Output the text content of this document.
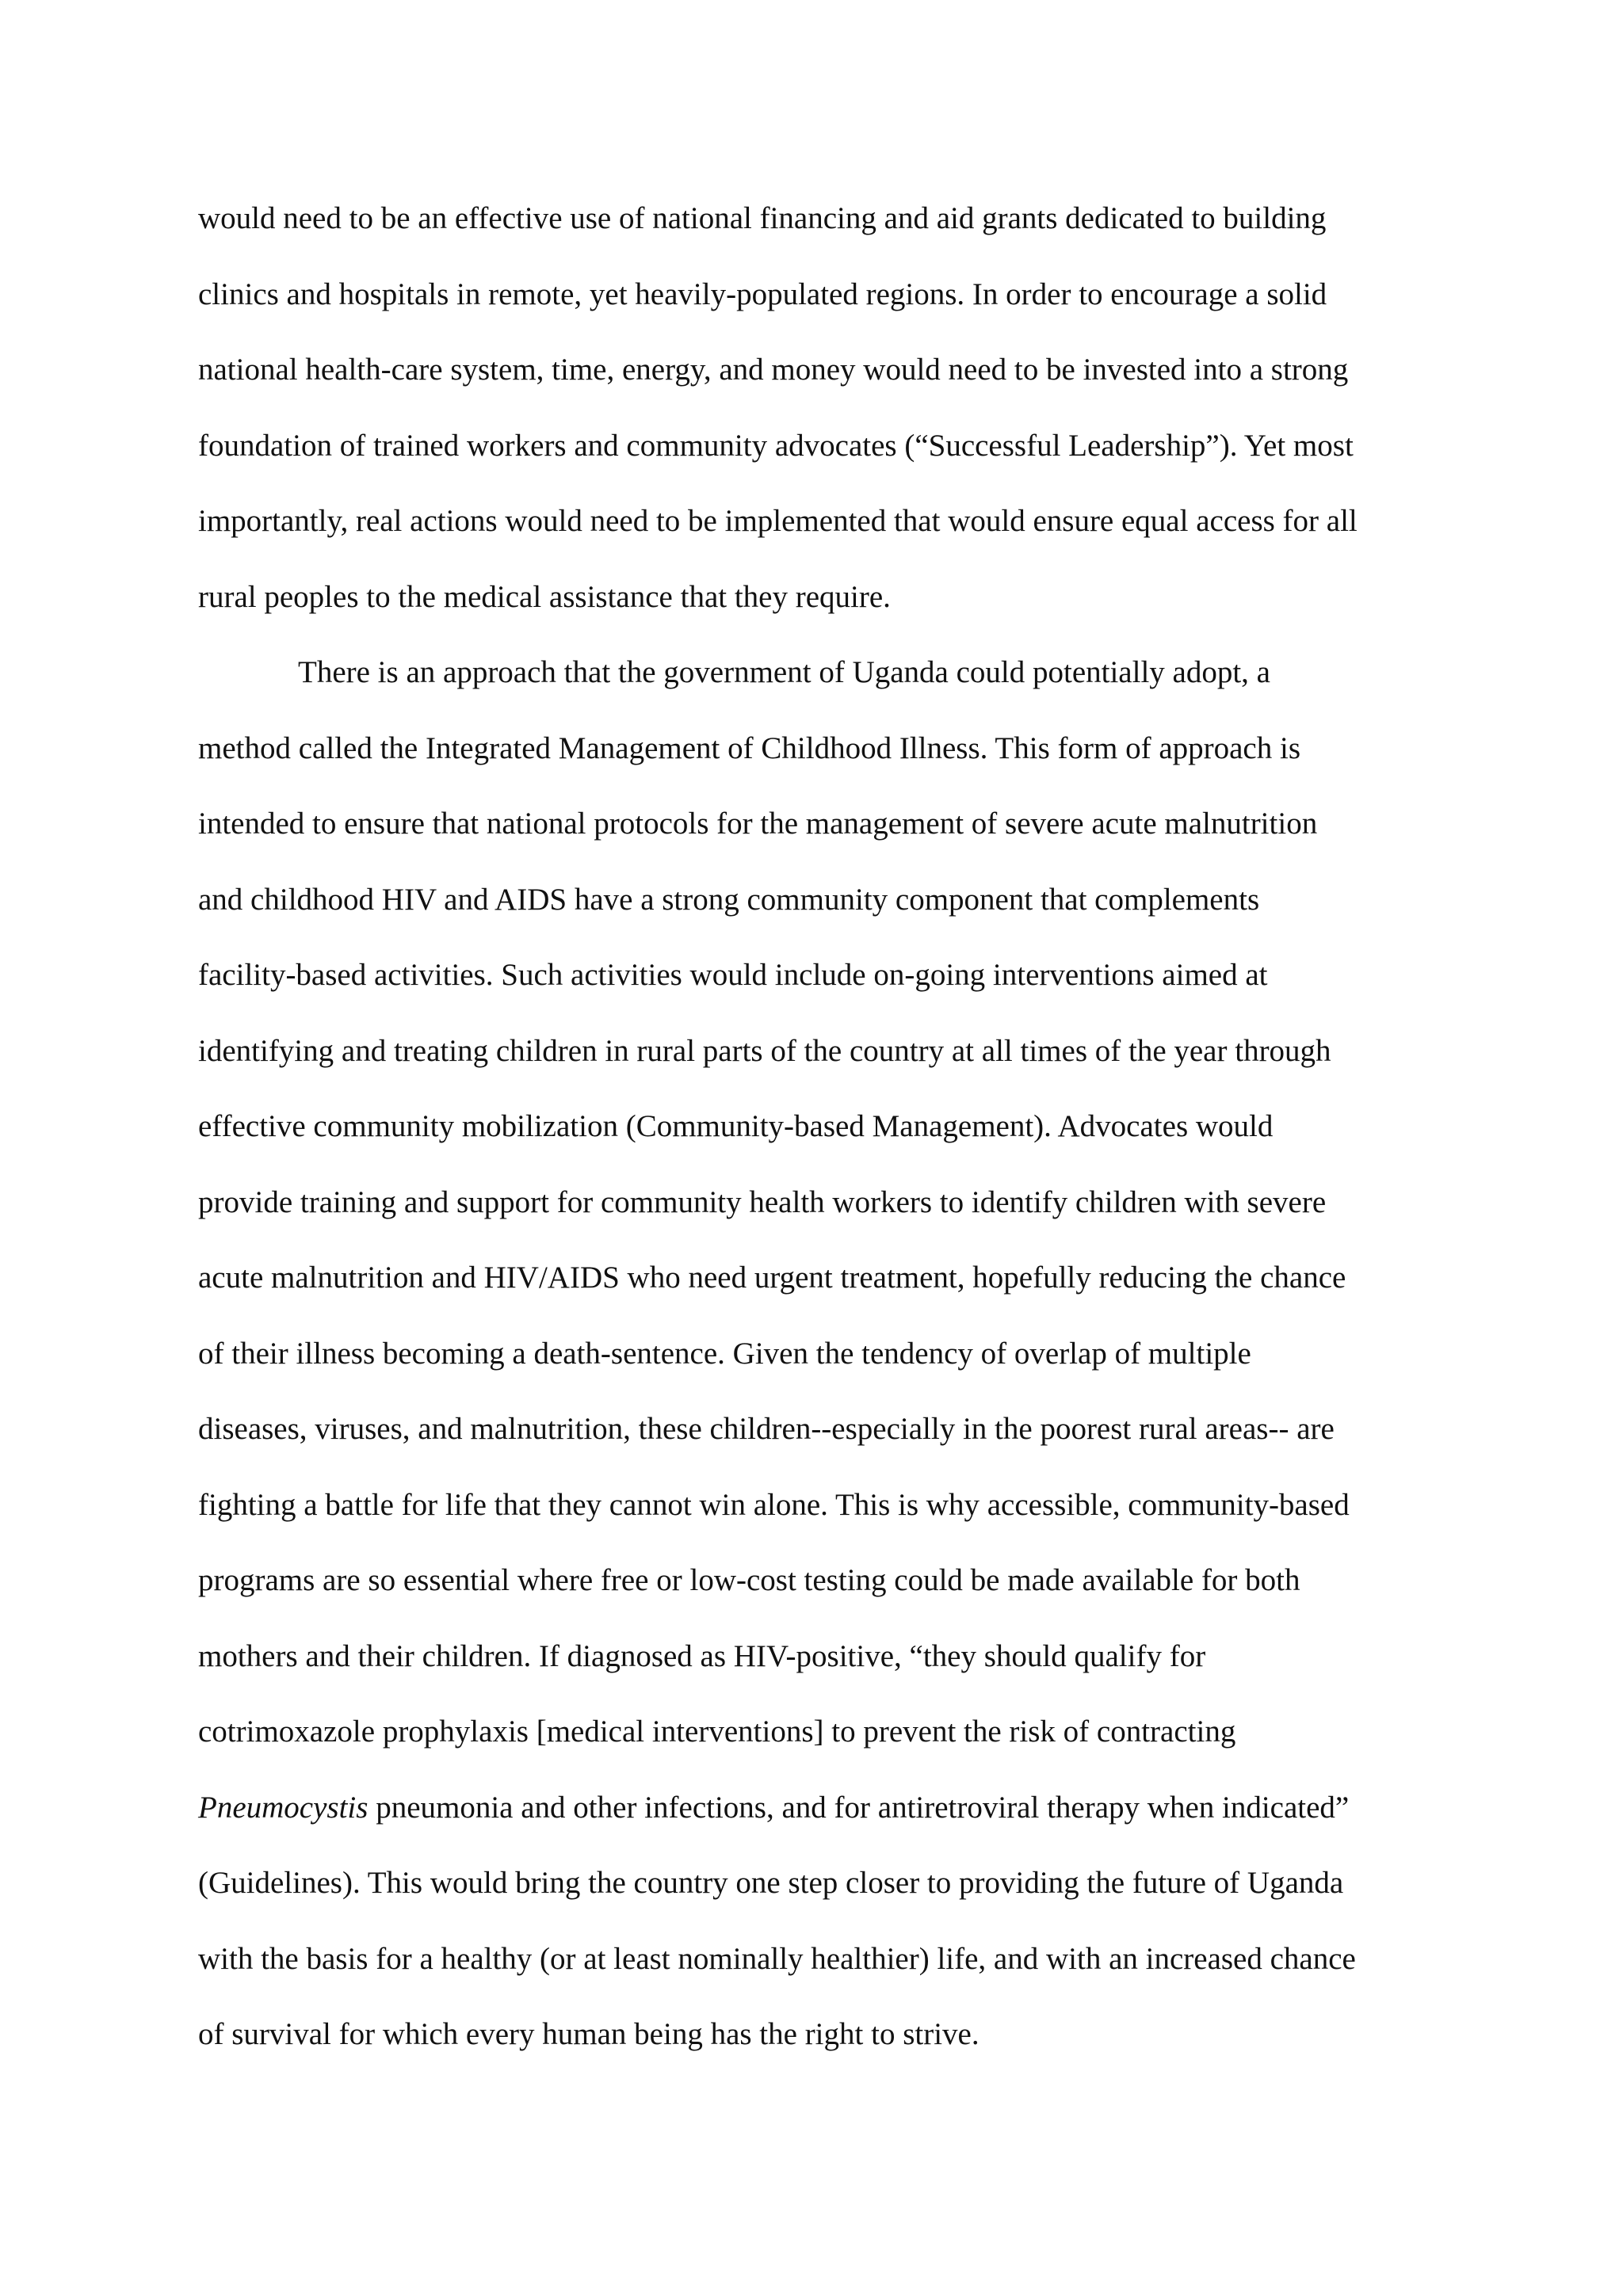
would need to be an effective use of national financing and aid grants dedicated to building
clinics and hospitals in remote, yet heavily-populated regions. In order to encourage a solid
national health-care system, time, energy, and money would need to be invested into a strong
foundation of trained workers and community advocates (“Successful Leadership”). Yet most
importantly, real actions would need to be implemented that would ensure equal access for all
rural peoples to the medical assistance that they require.
There is an approach that the government of Uganda could potentially adopt, a
method called the Integrated Management of Childhood Illness. This form of approach is
intended to ensure that national protocols for the management of severe acute malnutrition
and childhood HIV and AIDS have a strong community component that complements
facility-based activities. Such activities would include on-going interventions aimed at
identifying and treating children in rural parts of the country at all times of the year through
effective community mobilization (Community-based Management). Advocates would
provide training and support for community health workers to identify children with severe
acute malnutrition and HIV/AIDS who need urgent treatment, hopefully reducing the chance
of their illness becoming a death-sentence. Given the tendency of overlap of multiple
diseases, viruses, and malnutrition, these children--especially in the poorest rural areas-- are
fighting a battle for life that they cannot win alone. This is why accessible, community-based
programs are so essential where free or low-cost testing could be made available for both
mothers and their children. If diagnosed as HIV-positive, “they should qualify for
cotrimoxazole prophylaxis [medical interventions] to prevent the risk of contracting
Pneumocystis pneumonia and other infections, and for antiretroviral therapy when indicated”
(Guidelines). This would bring the country one step closer to providing the future of Uganda
with the basis for a healthy (or at least nominally healthier) life, and with an increased chance
of survival for which every human being has the right to strive.
